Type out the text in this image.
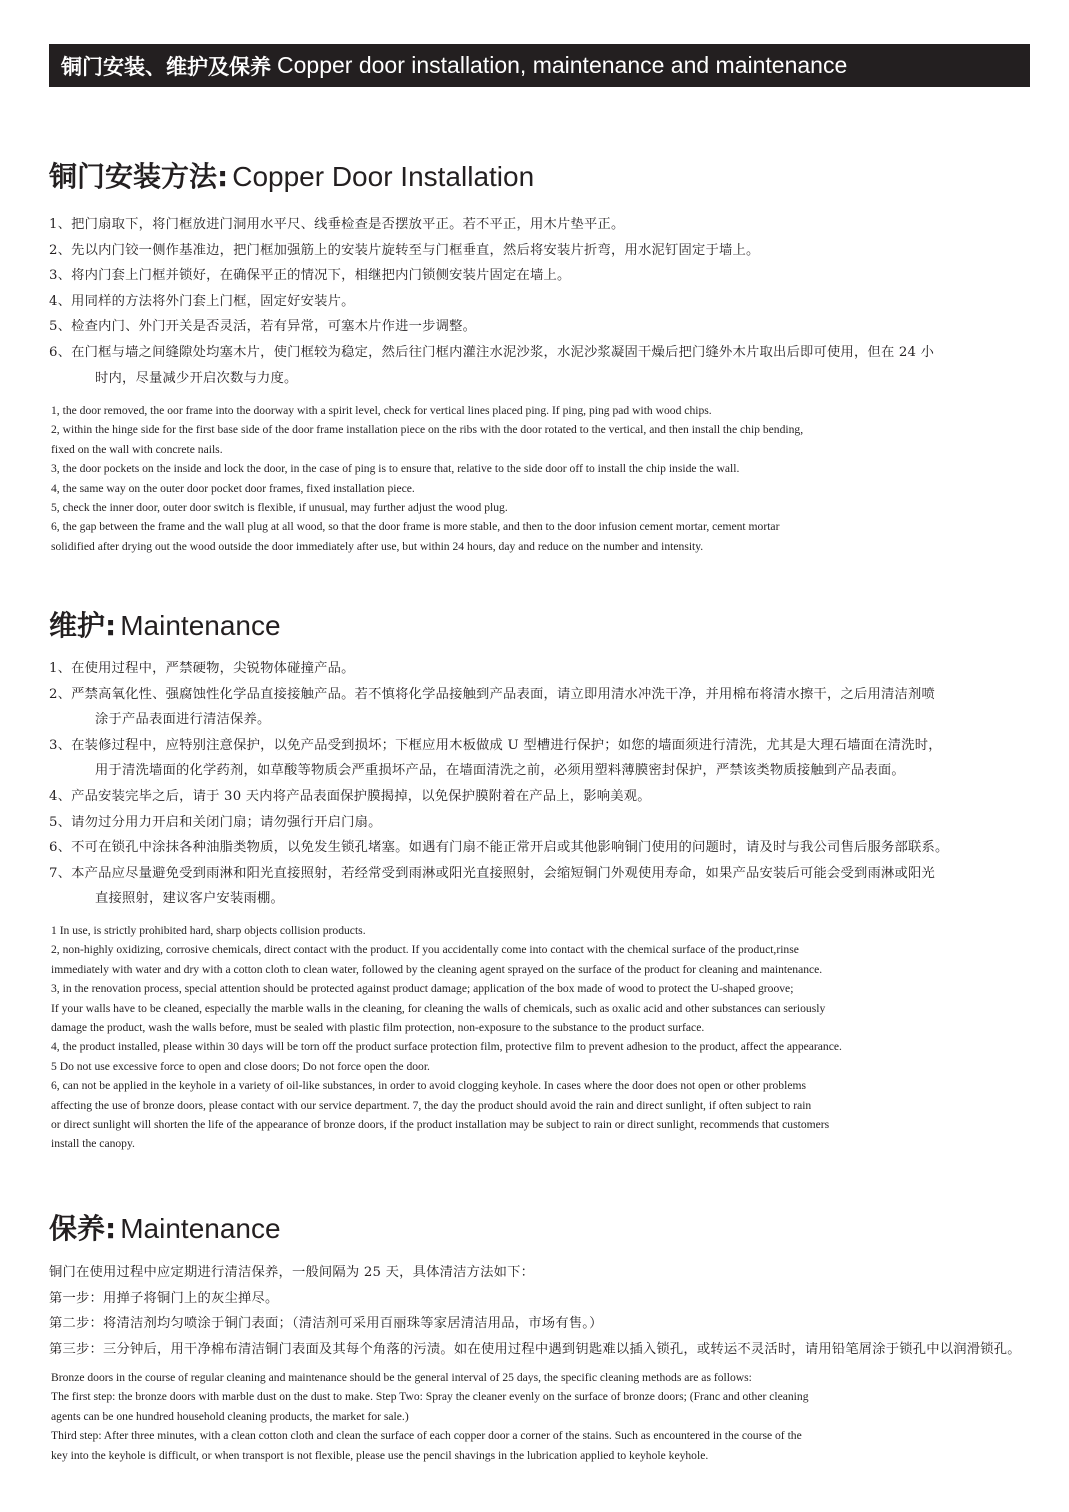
铜门安装、维护及保养 Copper door installation, maintenance and maintenance
铜门安装方法: Copper Door Installation
1、把门扇取下，将门框放进门洞用水平尺、线垂检查是否摆放平正。若不平正，用木片垫平正。
2、先以内门铰一侧作基准边，把门框加强筋上的安装片旋转至与门框垂直，然后将安装片折弯，用水泥钉固定于墙上。
3、将内门套上门框并锁好，在确保平正的情况下，相继把内门锁侧安装片固定在墙上。
4、用同样的方法将外门套上门框，固定好安装片。
5、检查内门、外门开关是否灵活，若有异常，可塞木片作进一步调整。
6、在门框与墙之间缝隙处均塞木片，使门框较为稳定，然后往门框内灌注水泥沙浆，水泥沙浆凝固干燥后把门缝外木片取出后即可使用，但在 24 小
时内，尽量减少开启次数与力度。
1, the door removed, the oor frame into the doorway with a spirit level, check for vertical lines placed ping. If ping, ping pad with wood chips.
2, within the hinge side for the first base side of the door frame installation piece on the ribs with the door rotated to the vertical, and then install the chip bending,
fixed on the wall with concrete nails.
3, the door pockets on the inside and lock the door, in the case of ping is to ensure that, relative to the side door off to install the chip inside the wall.
4, the same way on the outer door pocket door frames, fixed installation piece.
5, check the inner door, outer door switch is flexible, if unusual, may further adjust the wood plug.
6, the gap between the frame and the wall plug at all wood, so that the door frame is more stable, and then to the door infusion cement mortar, cement mortar
solidified after drying out the wood outside the door immediately after use, but within 24 hours, day and reduce on the number and intensity.
维护: Maintenance
1、在使用过程中，严禁硬物，尖锐物体碰撞产品。
2、严禁高氧化性、强腐蚀性化学品直接接触产品。若不慎将化学品接触到产品表面，请立即用清水冲洗干净，并用棉布将清水擦干，之后用清洁剂喷
涂于产品表面进行清洁保养。
3、在装修过程中，应特别注意保护，以免产品受到损坏；下框应用木板做成 U 型槽进行保护；如您的墙面须进行清洗，尤其是大理石墙面在清洗时，
用于清洗墙面的化学药剂，如草酸等物质会严重损坏产品，在墙面清洗之前，必须用塑料薄膜密封保护，严禁该类物质接触到产品表面。
4、产品安装完毕之后，请于 30 天内将产品表面保护膜揭掉，以免保护膜附着在产品上，影响美观。
5、请勿过分用力开启和关闭门扇；请勿强行开启门扇。
6、不可在锁孔中涂抹各种油脂类物质，以免发生锁孔堵塞。如遇有门扇不能正常开启或其他影响铜门使用的问题时，请及时与我公司售后服务部联系。
7、本产品应尽量避免受到雨淋和阳光直接照射，若经常受到雨淋或阳光直接照射，会缩短铜门外观使用寿命，如果产品安装后可能会受到雨淋或阳光
直接照射，建议客户安装雨棚。
1 In use, is strictly prohibited hard, sharp objects collision products.
2, non-highly oxidizing, corrosive chemicals, direct contact with the product. If you accidentally come into contact with the chemical surface of the product,rinse
immediately with water and dry with a cotton cloth to clean water, followed by the cleaning agent sprayed on the surface of the product for cleaning and maintenance.
3, in the renovation process, special attention should be protected against product damage; application of the box made of wood to protect the U-shaped groove;
If your walls have to be cleaned, especially the marble walls in the cleaning, for cleaning the walls of chemicals, such as oxalic acid and other substances can seriously
damage the product, wash the walls before, must be sealed with plastic film protection, non-exposure to the substance to the product surface.
4, the product installed, please within 30 days will be torn off the product surface protection film, protective film to prevent adhesion to the product, affect the appearance.
5 Do not use excessive force to open and close doors; Do not force open the door.
6, can not be applied in the keyhole in a variety of oil-like substances, in order to avoid clogging keyhole. In cases where the door does not open or other problems
affecting the use of bronze doors, please contact with our service department. 7, the day the product should avoid the rain and direct sunlight, if often subject to rain
or direct sunlight will shorten the life of the appearance of bronze doors, if the product installation may be subject to rain or direct sunlight, recommends that customers
install the canopy.
保养: Maintenance
铜门在使用过程中应定期进行清洁保养，一般间隔为 25 天，具体清洁方法如下：
第一步：用掸子将铜门上的灰尘掸尽。
第二步：将清洁剂均匀喷涂于铜门表面；（清洁剂可采用百丽珠等家居清洁用品，市场有售。）
第三步：三分钟后，用干净棉布清洁铜门表面及其每个角落的污渍。如在使用过程中遇到钥匙难以插入锁孔，或转运不灵活时，请用铅笔屑涂于锁孔中以润滑锁孔。
Bronze doors in the course of regular cleaning and maintenance should be the general interval of 25 days, the specific cleaning methods are as follows:
The first step: the bronze doors with marble dust on the dust to make. Step Two: Spray the cleaner evenly on the surface of bronze doors; (Franc and other cleaning
agents can be one hundred household cleaning products, the market for sale.)
Third step: After three minutes, with a clean cotton cloth and clean the surface of each copper door a corner of the stains. Such as encountered in the course of the
key into the keyhole is difficult, or when transport is not flexible, please use the pencil shavings in the lubrication applied to keyhole keyhole.
